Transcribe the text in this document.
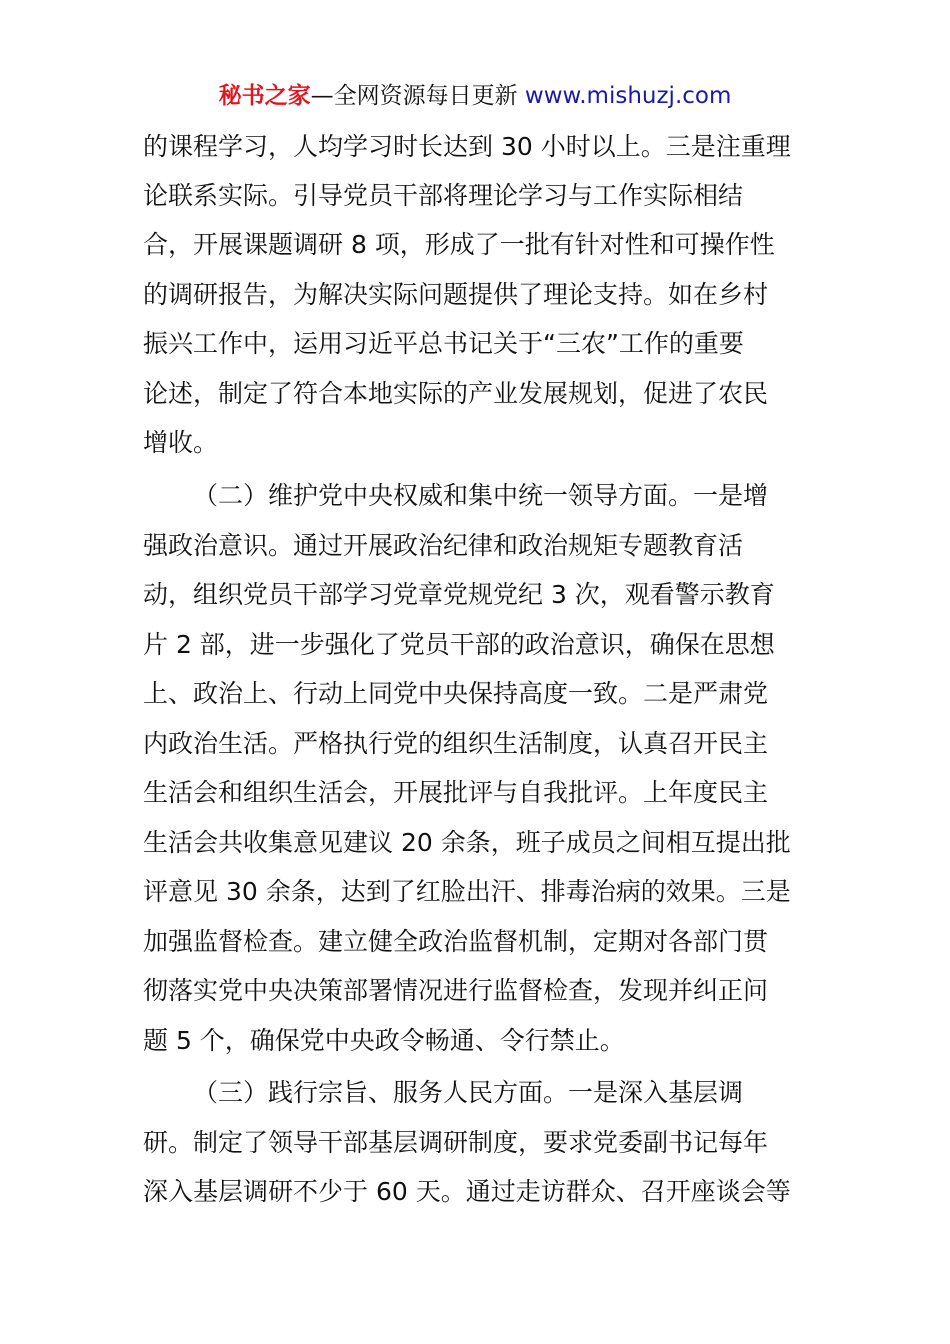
秘书之家—全网资源每日更新 www.mishuzj.com
的课程学习，人均学习时长达到 30 小时以上。三是注重理
论联系实际。引导党员干部将理论学习与工作实际相结
合，开展课题调研 8 项，形成了一批有针对性和可操作性
的调研报告，为解决实际问题提供了理论支持。如在乡村
振兴工作中，运用习近平总书记关于“三农”工作的重要
论述，制定了符合本地实际的产业发展规划，促进了农民
增收。
（二）维护党中央权威和集中统一领导方面。一是增
强政治意识。通过开展政治纪律和政治规矩专题教育活
动，组织党员干部学习党章党规党纪 3 次，观看警示教育
片 2 部，进一步强化了党员干部的政治意识，确保在思想
上、政治上、行动上同党中央保持高度一致。二是严肃党
内政治生活。严格执行党的组织生活制度，认真召开民主
生活会和组织生活会，开展批评与自我批评。上年度民主
生活会共收集意见建议 20 余条，班子成员之间相互提出批
评意见 30 余条，达到了红脸出汗、排毒治病的效果。三是
加强监督检查。建立健全政治监督机制，定期对各部门贯
彻落实党中央决策部署情况进行监督检查，发现并纠正问
题 5 个，确保党中央政令畅通、令行禁止。
（三）践行宗旨、服务人民方面。一是深入基层调
研。制定了领导干部基层调研制度，要求党委副书记每年
深入基层调研不少于 60 天。通过走访群众、召开座谈会等
